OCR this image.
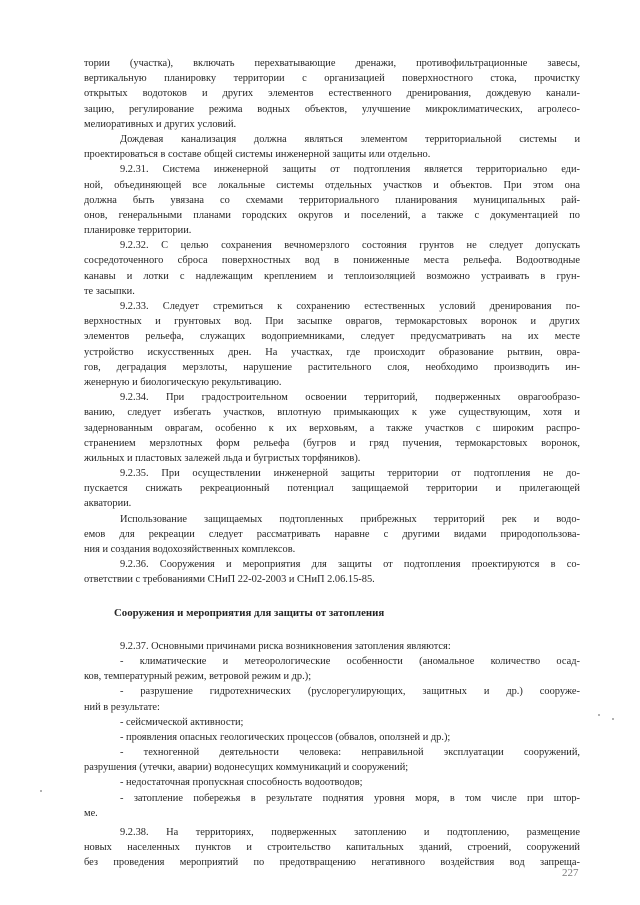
тории (участка), включать перехватывающие дренажи, противофильтрационные завесы,
вертикальную планировку территории с организацией поверхностного стока, прочистку
открытых водотоков и других элементов естественного дренирования, дождевую канали-
зацию, регулирование режима водных объектов, улучшение микроклиматических, агролесо-
мелиоративных и других условий.
Дождевая канализация должна являться элементом территориальной системы и
проектироваться в составе общей системы инженерной защиты или отдельно.
9.2.31. Система инженерной защиты от подтопления является территориально еди-
ной, объединяющей все локальные системы отдельных участков и объектов. При этом она
должна быть увязана со схемами территориального планирования муниципальных рай-
онов, генеральными планами городских округов и поселений, а также с документацией по
планировке территории.
9.2.32. С целью сохранения вечномерзлого состояния грунтов не следует допускать
сосредоточенного сброса поверхностных вод в пониженные места рельефа. Водоотводные
канавы и лотки с надлежащим креплением и теплоизоляцией возможно устраивать в грун-
те засыпки.
9.2.33. Следует стремиться к сохранению естественных условий дренирования по-
верхностных и грунтовых вод. При засыпке оврагов, термокарстовых воронок и других
элементов рельефа, служащих водоприемниками, следует предусматривать на их месте
устройство искусственных дрен. На участках, где происходит образование рытвин, овра-
гов, деградация мерзлоты, нарушение растительного слоя, необходимо производить ин-
женерную и биологическую рекультивацию.
9.2.34. При градостроительном освоении территорий, подверженных оврагообразо-
ванию, следует избегать участков, вплотную примыкающих к уже существующим, хотя и
задернованным оврагам, особенно к их верховьям, а также участков с широким распро-
странением мерзлотных форм рельефа (бугров и гряд пучения, термокарстовых воронок,
жильных и пластовых залежей льда и бугристых торфяников).
9.2.35. При осуществлении инженерной защиты территории от подтопления не до-
пускается снижать рекреационный потенциал защищаемой территории и прилегающей
акватории.
Использование защищаемых подтопленных прибрежных территорий рек и водо-
емов для рекреации следует рассматривать наравне с другими видами природопользова-
ния и создания водохозяйственных комплексов.
9.2.36. Сооружения и мероприятия для защиты от подтопления проектируются в со-
ответствии с требованиями СНиП 22-02-2003 и СНиП 2.06.15-85.
Сооружения и мероприятия для защиты от затопления
9.2.37. Основными причинами риска возникновения затопления являются:
- климатические и метеорологические особенности (аномальное количество осад-
ков, температурный режим, ветровой режим и др.);
- разрушение гидротехнических (руслорегулирующих, защитных и др.) сооруже-
ний в результате:
- сейсмической активности;
- проявления опасных геологических процессов (обвалов, оползней и др.);
- техногенной деятельности человека: неправильной эксплуатации сооружений,
разрушения (утечки, аварии) водонесущих коммуникаций и сооружений;
- недостаточная пропускная способность водоотводов;
- затопление побережья в результате поднятия уровня моря, в том числе при штор-
ме.
9.2.38. На территориях, подверженных затоплению и подтоплению, размещение
новых населенных пунктов и строительство капитальных зданий, строений, сооружений
без проведения мероприятий по предотвращению негативного воздействия вод запреща-
227
